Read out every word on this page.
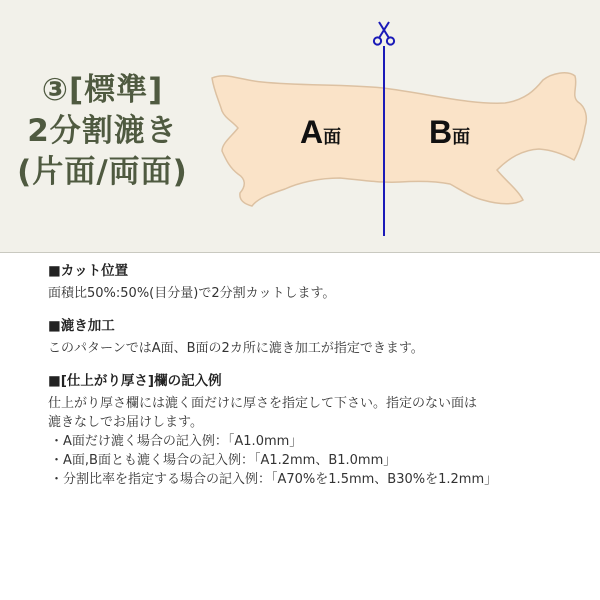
③[標準]
2分割漉き
(片面/両面)
A面	B面

■カット位置

面積比50%:50%(目分量)で2分割カットします。

■漉き加工

このパターンではA面、B面の2カ所に漉き加工が指定できます。

■[仕上がり厚さ]欄の記入例

仕上がり厚さ欄には漉く面だけに厚さを指定して下さい。指定のない面は
漉きなしでお届けします。
・A面だけ漉く場合の記入例：「A1.0mm」
・A面,B面とも漉く場合の記入例：「A1.2mm、B1.0mm」
・分割比率を指定する場合の記入例：「A70%を1.5mm、B30%を1.2mm」
